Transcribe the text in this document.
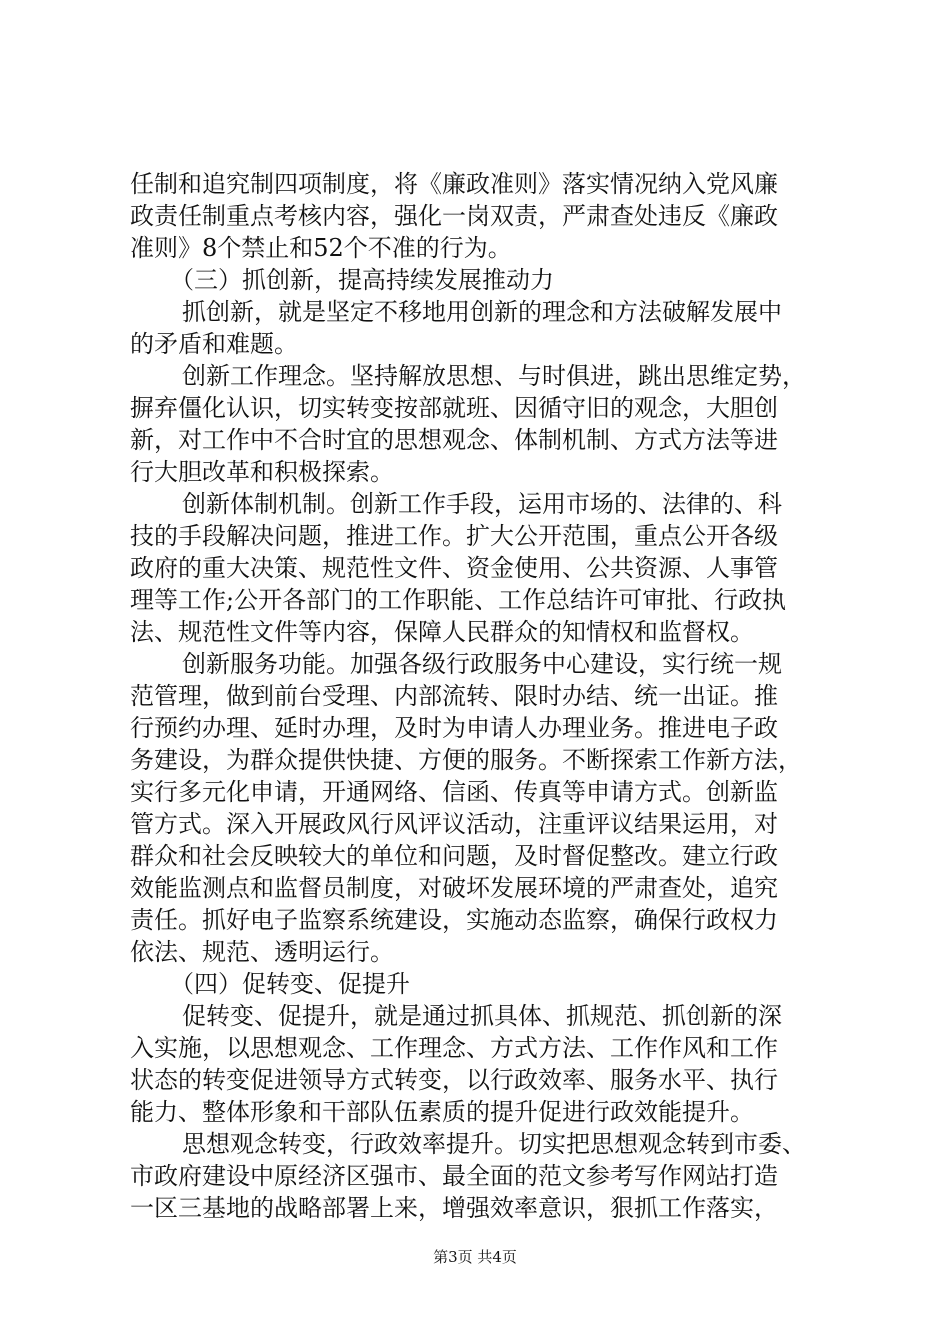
任制和追究制四项制度，将《廉政准则》落实情况纳入党风廉
政责任制重点考核内容，强化一岗双责，严肃查处违反《廉政
准则》8个禁止和52个不准的行为。
（三）抓创新，提高持续发展推动力
抓创新，就是坚定不移地用创新的理念和方法破解发展中
的矛盾和难题。
创新工作理念。坚持解放思想、与时俱进，跳出思维定势，
摒弃僵化认识，切实转变按部就班、因循守旧的观念，大胆创
新，对工作中不合时宜的思想观念、体制机制、方式方法等进
行大胆改革和积极探索。
创新体制机制。创新工作手段，运用市场的、法律的、科
技的手段解决问题，推进工作。扩大公开范围，重点公开各级
政府的重大决策、规范性文件、资金使用、公共资源、人事管
理等工作;公开各部门的工作职能、工作总结许可审批、行政执
法、规范性文件等内容，保障人民群众的知情权和监督权。
创新服务功能。加强各级行政服务中心建设，实行统一规
范管理，做到前台受理、内部流转、限时办结、统一出证。推
行预约办理、延时办理，及时为申请人办理业务。推进电子政
务建设，为群众提供快捷、方便的服务。不断探索工作新方法，
实行多元化申请，开通网络、信函、传真等申请方式。创新监
管方式。深入开展政风行风评议活动，注重评议结果运用，对
群众和社会反映较大的单位和问题，及时督促整改。建立行政
效能监测点和监督员制度，对破坏发展环境的严肃查处，追究
责任。抓好电子监察系统建设，实施动态监察，确保行政权力
依法、规范、透明运行。
（四）促转变、促提升
促转变、促提升，就是通过抓具体、抓规范、抓创新的深
入实施，以思想观念、工作理念、方式方法、工作作风和工作
状态的转变促进领导方式转变，以行政效率、服务水平、执行
能力、整体形象和干部队伍素质的提升促进行政效能提升。
思想观念转变，行政效率提升。切实把思想观念转到市委、
市政府建设中原经济区强市、最全面的范文参考写作网站打造
一区三基地的战略部署上来，增强效率意识，狠抓工作落实，
第3页 共4页
